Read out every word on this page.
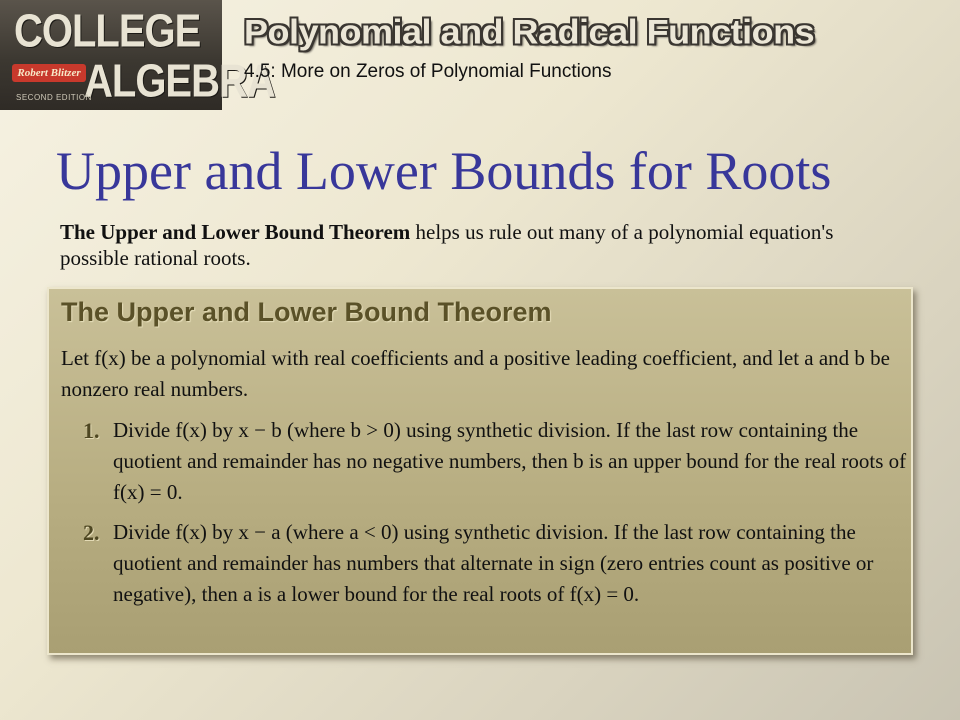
COLLEGE
Robert Blitzer ALGEBRA
SECOND EDITION
Polynomial and Radical Functions
4.5: More on Zeros of Polynomial Functions
Upper and Lower Bounds for Roots
The Upper and Lower Bound Theorem helps us rule out many of a polynomial equation's possible rational roots.
The Upper and Lower Bound Theorem
Let f(x) be a polynomial with real coefficients and a positive leading coefficient, and let a and b be nonzero real numbers.
1. Divide f(x) by x − b (where b > 0) using synthetic division. If the last row containing the quotient and remainder has no negative numbers, then b is an upper bound for the real roots of f(x) = 0.
2. Divide f(x) by x − a (where a < 0) using synthetic division. If the last row containing the quotient and remainder has numbers that alternate in sign (zero entries count as positive or negative), then a is a lower bound for the real roots of f(x) = 0.
